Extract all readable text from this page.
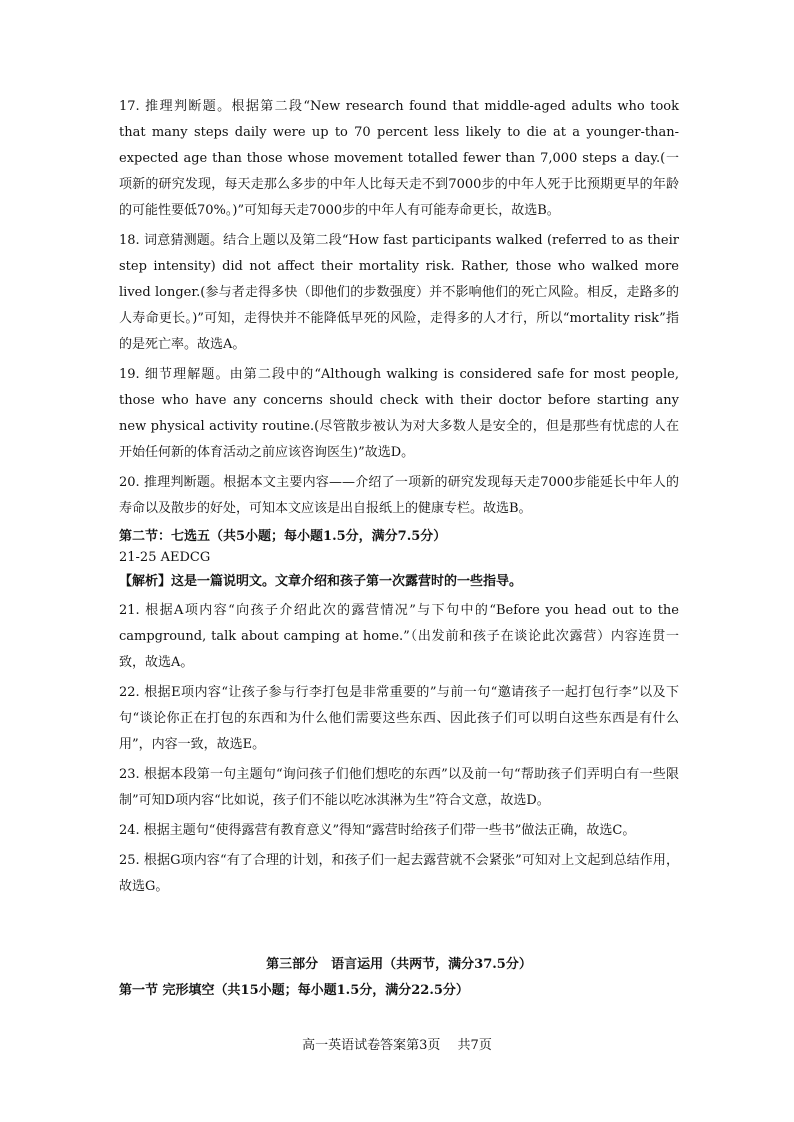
17. 推理判断题。根据第二段“New research found that middle-aged adults who took that many steps daily were up to 70 percent less likely to die at a younger-than-expected age than those whose movement totalled fewer than 7,000 steps a day.(一项新的研究发现，每天走那么多步的中年人比每天走不到7000步的中年人死于比预期更早的年龄的可能性要低70%。)”可知每天走7000步的中年人有可能寿命更长，故选B。

18. 词意猜测题。结合上题以及第二段“How fast participants walked (referred to as their step intensity) did not affect their mortality risk. Rather, those who walked more lived longer.(参与者走得多快（即他们的步数强度）并不影响他们的死亡风险。相反，走路多的人寿命更长。)”可知，走得快并不能降低早死的风险，走得多的人才行，所以“mortality risk”指的是死亡率。故选A。

19. 细节理解题。由第二段中的“Although walking is considered safe for most people, those who have any concerns should check with their doctor before starting any new physical activity routine.(尽管散步被认为对大多数人是安全的，但是那些有忧虑的人在开始任何新的体育活动之前应该咨询医生)”故选D。

20. 推理判断题。根据本文主要内容——介绍了一项新的研究发现每天走7000步能延长中年人的寿命以及散步的好处，可知本文应该是出自报纸上的健康专栏。故选B。

第二节：七选五（共5小题；每小题1.5分，满分7.5分）

21-25 AEDCG

【解析】这是一篇说明文。文章介绍和孩子第一次露营时的一些指导。

21. 根据A项内容“向孩子介绍此次的露营情况”与下句中的“Before you head out to the campground, talk about camping at home.”（出发前和孩子在谈论此次露营）内容连贯一致，故选A。

22. 根据E项内容“让孩子参与行李打包是非常重要的”与前一句“邀请孩子一起打包行李”以及下句“谈论你正在打包的东西和为什么他们需要这些东西、因此孩子们可以明白这些东西是有什么用”，内容一致，故选E。

23. 根据本段第一句主题句“询问孩子们他们想吃的东西”以及前一句“帮助孩子们弄明白有一些限制”可知D项内容“比如说，孩子们不能以吃冰淇淋为生”符合文意，故选D。

24. 根据主题句“使得露营有教育意义”得知“露营时给孩子们带一些书”做法正确，故选C。

25. 根据G项内容“有了合理的计划，和孩子们一起去露营就不会紧张”可知对上文起到总结作用，故选G。

第三部分　语言运用（共两节，满分37.5分）

第一节 完形填空（共15小题；每小题1.5分，满分22.5分）

高一英语试卷答案第3页　 共7页
